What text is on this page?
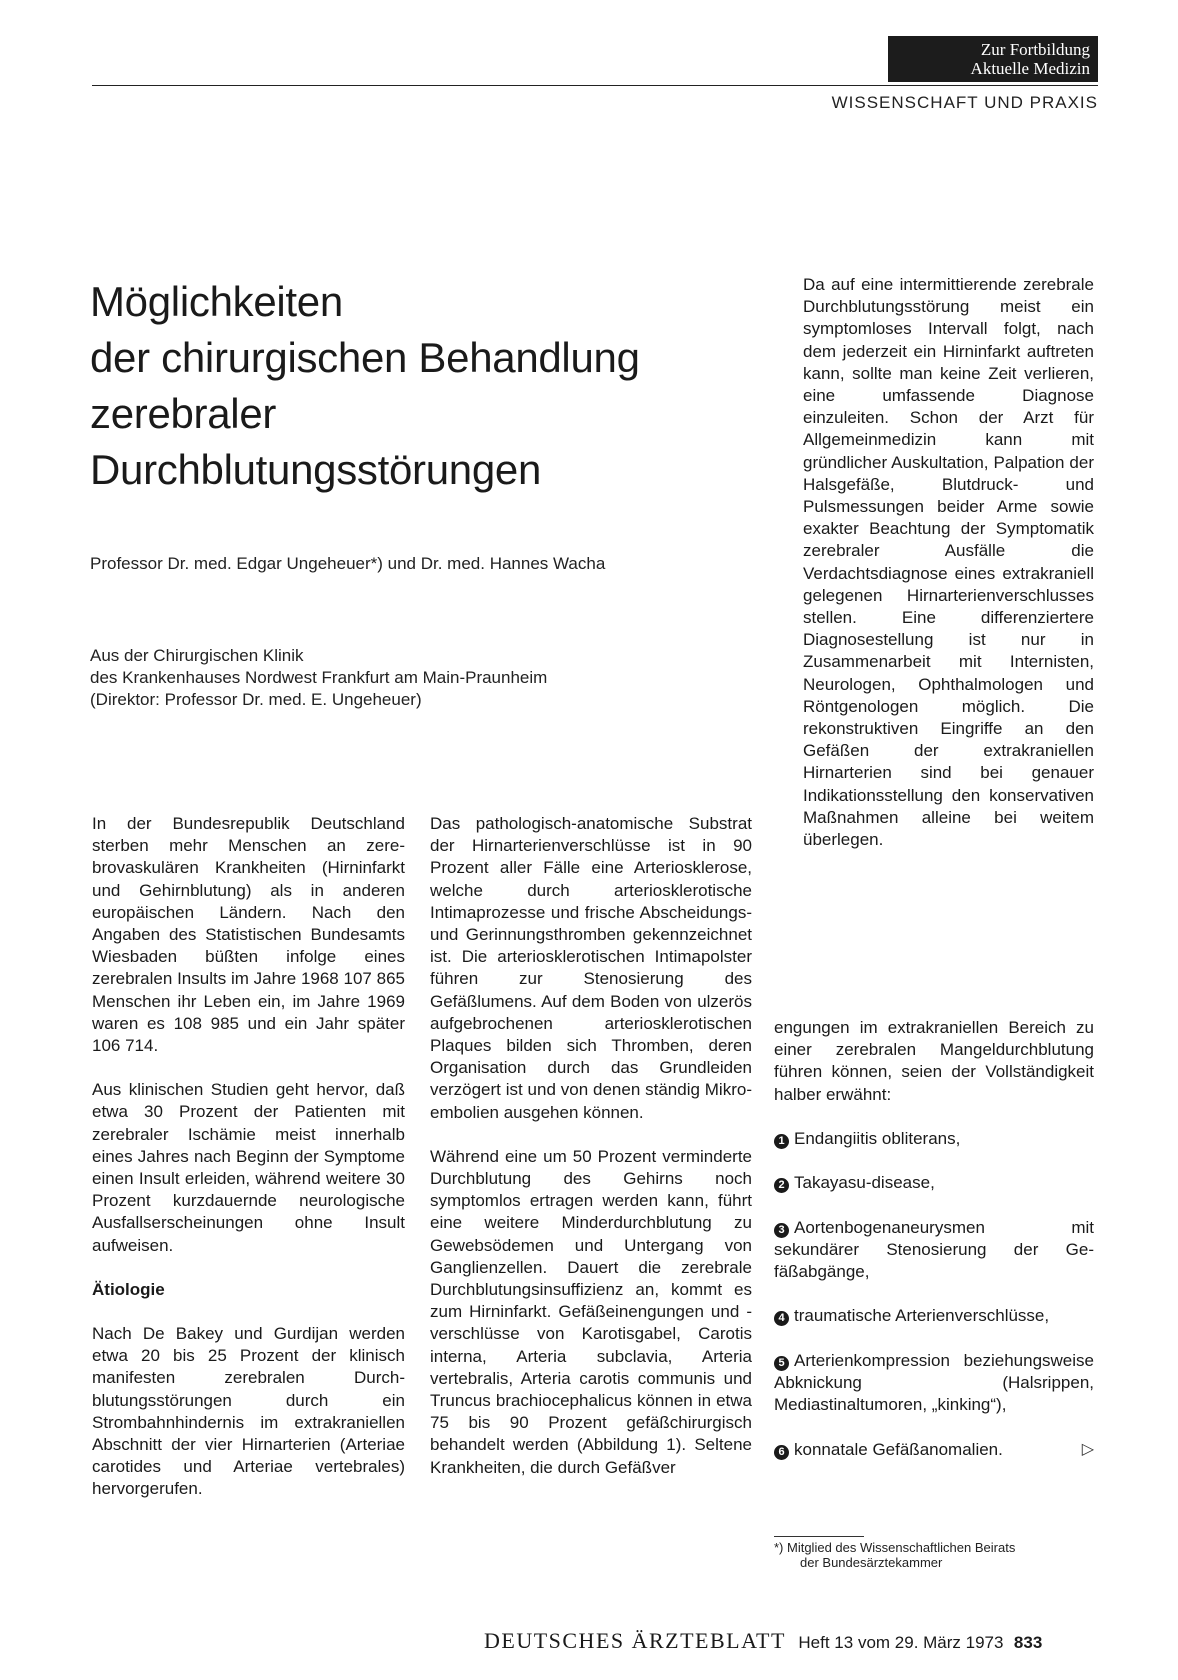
Zur Fortbildung
Aktuelle Medizin
WISSENSCHAFT UND PRAXIS
Möglichkeiten
der chirurgischen Behandlung
zerebraler
Durchblutungsstörungen
Professor Dr. med. Edgar Ungeheuer*) und Dr. med. Hannes Wacha
Aus der Chirurgischen Klinik
des Krankenhauses Nordwest Frankfurt am Main-Praunheim
(Direktor: Professor Dr. med. E. Ungeheuer)

In der Bundesrepublik Deutschland sterben mehr Menschen an zerebrovaskulären Krankheiten (Hirninfarkt und Gehirnblutung) als in anderen europäischen Ländern. Nach den Angaben des Statistischen Bundesamts Wiesbaden büßten infolge eines zerebralen Insults im Jahre 1968 107 865 Menschen ihr Leben ein, im Jahre 1969 waren es 108 985 und ein Jahr später 106 714.

Aus klinischen Studien geht hervor, daß etwa 30 Prozent der Patienten mit zerebraler Ischämie meist innerhalb eines Jahres nach Beginn der Symptome einen Insult erleiden, während weitere 30 Prozent kurzdauernde neurologische Ausfallserscheinungen ohne Insult aufweisen.

Ätiologie

Nach De Bakey und Gurdijan werden etwa 20 bis 25 Prozent der klinisch manifesten zerebralen Durchblutungsstörungen durch ein Strombahnhindernis im extrakraniellen Abschnitt der vier Hirnarterien (Arteriae carotides und Arteriae vertebrales) hervorgerufen.

Das pathologisch-anatomische Substrat der Hirnarterienverschlüsse ist in 90 Prozent aller Fälle eine Arteriosklerose, welche durch arteriosklerotische Intimaprozesse und frische Abscheidungs- und Gerinnungsthromben gekennzeichnet ist. Die arteriosklerotischen Intimapolster führen zur Stenosierung des Gefäßlumens. Auf dem Boden von ulzerös aufgebrochenen arteriosklerotischen Plaques bilden sich Thromben, deren Organisation durch das Grundleiden verzögert ist und von denen ständig Mikroembolien ausgehen können.

Während eine um 50 Prozent verminderte Durchblutung des Gehirns noch symptomlos ertragen werden kann, führt eine weitere Minderdurchblutung zu Gewebsödemen und Untergang von Ganglienzellen. Dauert die zerebrale Durchblutungsinsuffizienz an, kommt es zum Hirninfarkt. Gefäßeinengungen und -verschlüsse von Karotisgabel, Carotis interna, Arteria subclavia, Arteria vertebralis, Arteria carotis communis und Truncus brachiocephalicus können in etwa 75 bis 90 Prozent gefäßchirurgisch behandelt werden (Abbildung 1). Seltene Krankheiten, die durch Gefäßver

Da auf eine intermittierende zerebrale Durchblutungsstörung meist ein symptomloses Intervall folgt, nach dem jederzeit ein Hirninfarkt auftreten kann, sollte man keine Zeit verlieren, eine umfassende Diagnose einzuleiten. Schon der Arzt für Allgemeinmedizin kann mit gründlicher Auskultation, Palpation der Halsgefäße, Blutdruck- und Pulsmessungen beider Arme sowie exakter Beachtung der Symptomatik zerebraler Ausfälle die Verdachtsdiagnose eines extrakraniell gelegenen Hirnarterienverschlusses stellen. Eine differenziertere Diagnosestellung ist nur in Zusammenarbeit mit Internisten, Neurologen, Ophthalmologen und Röntgenologen möglich. Die rekonstruktiven Eingriffe an den Gefäßen der extrakraniellen Hirnarterien sind bei genauer Indikationsstellung den konservativen Maßnahmen alleine bei weitem überlegen.

engungen im extrakraniellen Bereich zu einer zerebralen Mangeldurchblutung führen können, seien der Vollständigkeit halber erwähnt:

1 Endangiitis obliterans,
2 Takayasu-disease,
3 Aortenbogenaneurysmen mit sekundärer Stenosierung der Gefäßabgänge,
4 traumatische Arterienverschlüsse,
5 Arterienkompression beziehungsweise Abknickung (Halsrippen, Mediastinaltumoren, „kinking“),
6 konnatale Gefäßanomalien.	▷
*) Mitglied des Wissenschaftlichen Beirats
der Bundesärztekammer
DEUTSCHES ÄRZTEBLATT Heft 13 vom 29. März 1973 833
